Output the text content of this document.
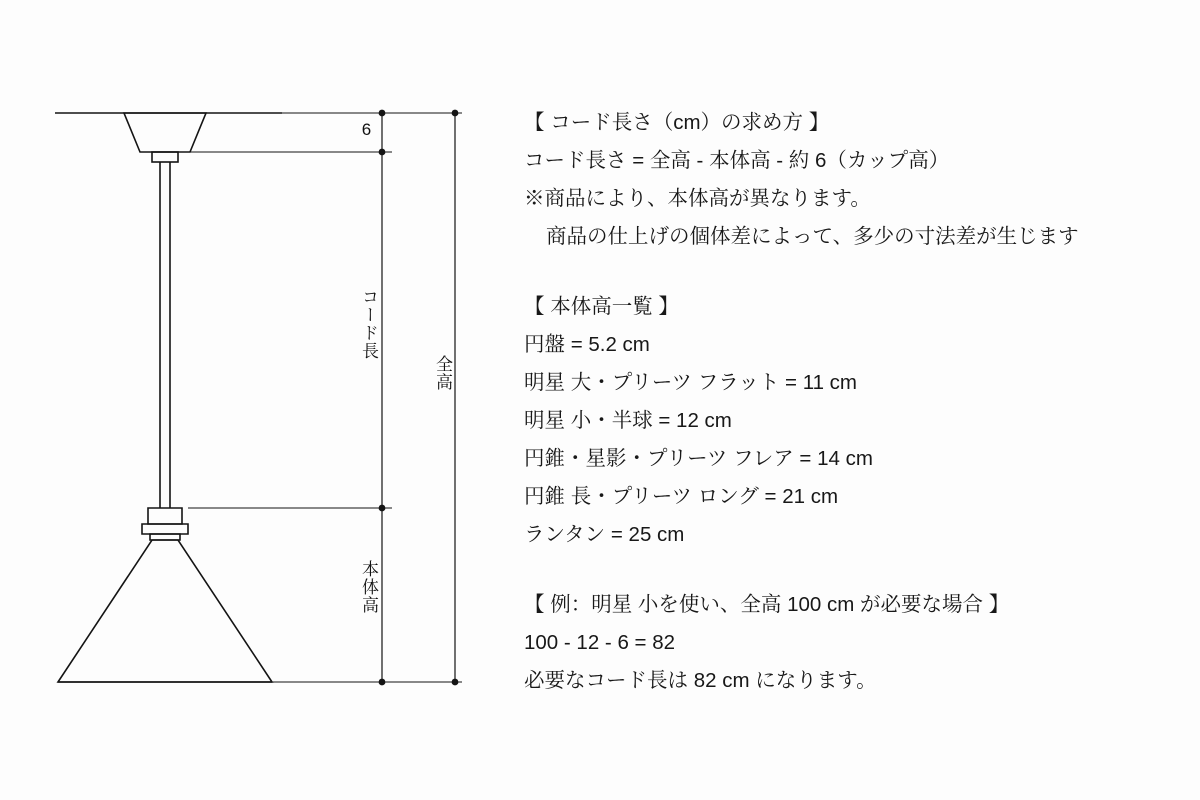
6
コード長
全高
本体高
【 コード長さ（cm）の求め方 】
コード長さ = 全高 - 本体高 - 約 6（カップ高）
※商品により、本体高が異なります。
商品の仕上げの個体差によって、多少の寸法差が生じます
【 本体高一覧 】
円盤 = 5.2 cm
明星 大・プリーツ フラット = 11 cm
明星 小・半球 = 12 cm
円錐・星影・プリーツ フレア = 14 cm
円錐 長・プリーツ ロング = 21 cm
ランタン = 25 cm
【 例：明星 小を使い、全高 100 cm が必要な場合 】
100 - 12 - 6 = 82
必要なコード長は 82 cm になります。
